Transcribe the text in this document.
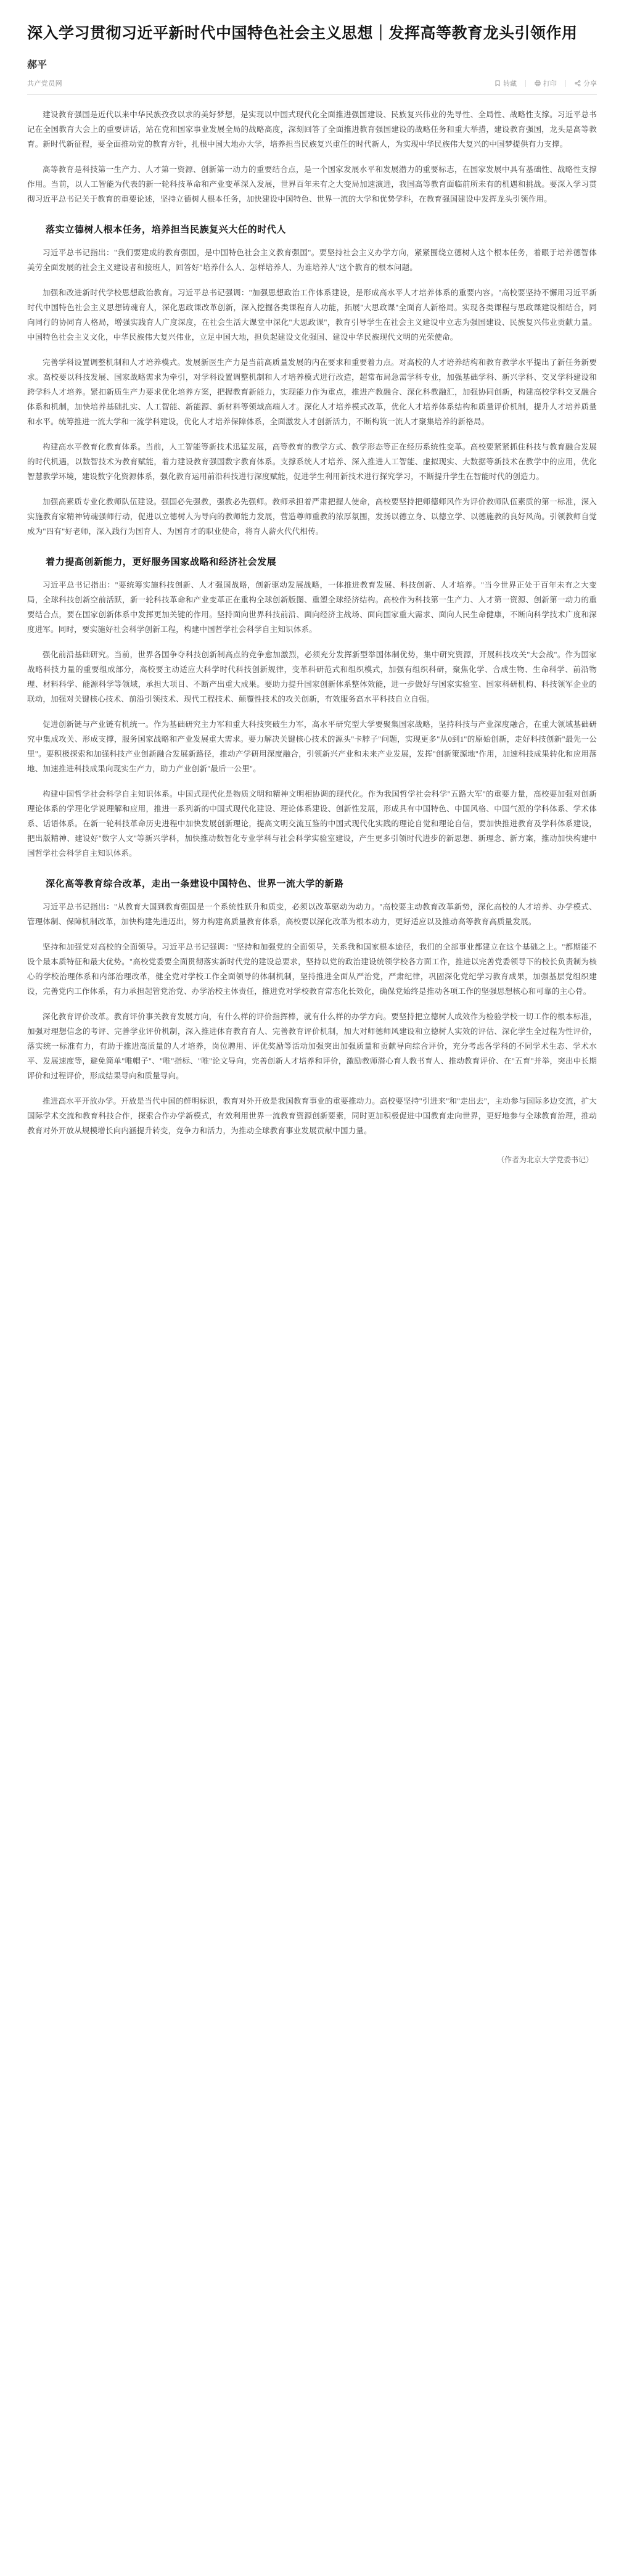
深入学习贯彻习近平新时代中国特色社会主义思想｜发挥高等教育龙头引领作用
郝平
共产党员网	转藏	打印	分享

建设教育强国是近代以来中华民族孜孜以求的美好梦想，是实现以中国式现代化全面推进强国建设、民族复兴伟业的先导性、全局性、战略性支撑。习近平总书记在全国教育大会上的重要讲话，站在党和国家事业发展全局的战略高度，深刻回答了全面推进教育强国建设的战略任务和重大举措，建设教育强国，龙头是高等教育。新时代新征程，要全面推动党的教育方针，扎根中国大地办大学，培养担当民族复兴重任的时代新人，为实现中华民族伟大复兴的中国梦提供有力支撑。

高等教育是科技第一生产力、人才第一资源、创新第一动力的重要结合点，是一个国家发展水平和发展潜力的重要标志，在国家发展中具有基础性、战略性支撑作用。当前，以人工智能为代表的新一轮科技革命和产业变革深入发展，世界百年未有之大变局加速演进，我国高等教育面临前所未有的机遇和挑战。要深入学习贯彻习近平总书记关于教育的重要论述，坚持立德树人根本任务，加快建设中国特色、世界一流的大学和优势学科，在教育强国建设中发挥龙头引领作用。

落实立德树人根本任务，培养担当民族复兴大任的时代人

习近平总书记指出："我们要建成的教育强国，是中国特色社会主义教育强国"。要坚持社会主义办学方向，紧紧围绕立德树人这个根本任务，着眼于培养德智体美劳全面发展的社会主义建设者和接班人，回答好"培养什么人、怎样培养人、为谁培养人"这个教育的根本问题。

加强和改进新时代学校思想政治教育。习近平总书记强调："加强思想政治工作体系建设，是形成高水平人才培养体系的重要内容。"高校要坚持不懈用习近平新时代中国特色社会主义思想铸魂育人，深化思政课改革创新，深入挖掘各类课程育人功能，拓展"大思政课"全面育人新格局。实现各类课程与思政课建设相结合，同向同行的协同育人格局，增强实践育人广度深度，在社会生活大课堂中深化"大思政课"，教育引导学生在社会主义建设中立志为强国建设、民族复兴伟业贡献力量。中国特色社会主义文化，中华民族伟大复兴伟业，立足中国大地，担负起建设文化强国、建设中华民族现代文明的光荣使命。

完善学科设置调整机制和人才培养模式。发展新医生产力是当前高质量发展的内在要求和重要着力点。对高校的人才培养结构和教育教学水平提出了新任务新要求。高校要以科技发展、国家战略需求为牵引，对学科设置调整机制和人才培养模式进行改造，超常布局急需学科专业，加强基础学科、新兴学科、交叉学科建设和跨学科人才培养。紧扣新质生产力要求优化培养方案，把握教育新能力，实现能力作为重点，推进产教融合、深化科教融汇，加强协同创新，构建高校学科交叉融合体系和机制，加快培养基础扎实、人工智能、新能源、新材料等领域高端人才。深化人才培养模式改革，优化人才培养体系结构和质量评价机制，提升人才培养质量和水平。统筹推进一流大学和一流学科建设，优化人才培养保障体系，全面激发人才创新活力，不断构筑一流人才聚集培养的新格局。

构建高水平教育化教育体系。当前，人工智能等新技术迅猛发展，高等教育的教学方式、教学形态等正在经历系统性变革。高校要紧紧抓住科技与教育融合发展的时代机遇，以数智技术为教育赋能，着力建设教育强国数字教育体系。支撑系统人才培养、深入推进人工智能、虚拟现实、大数据等新技术在教学中的应用，优化智慧教学环境，建设数字化资源体系，强化教育运用前沿科技进行深度赋能，促进学生利用新技术进行探究学习，不断提升学生在智能时代的创造力。

加强高素质专业化教师队伍建设。强国必先强教，强教必先强师。教师承担着严肃把握人使命，高校要坚持把师德师风作为评价教师队伍素质的第一标准，深入实施教育家精神铸魂强师行动，促进以立德树人为导向的教师能力发展，营造尊师重教的浓厚氛围，发扬以德立身、以德立学、以德施教的良好风尚。引领教师自觉成为"四有"好老师，深入践行为国育人、为国育才的职业使命，将育人薪火代代相传。

着力提高创新能力，更好服务国家战略和经济社会发展

习近平总书记指出："要统筹实施科技创新、人才强国战略，创新驱动发展战略，一体推进教育发展、科技创新、人才培养。"当今世界正处于百年未有之大变局，全球科技创新空前活跃，新一轮科技革命和产业变革正在重构全球创新版图、重塑全球经济结构。高校作为科技第一生产力、人才第一资源、创新第一动力的重要结合点，要在国家创新体系中发挥更加关键的作用。坚持面向世界科技前沿、面向经济主战场、面向国家重大需求、面向人民生命健康，不断向科学技术广度和深度进军。同时，要实施好社会科学创新工程，构建中国哲学社会科学自主知识体系。

强化前沿基础研究。当前，世界各国争夺科技创新制高点的竞争愈加激烈，必须充分发挥新型举国体制优势，集中研究资源，开展科技攻关"大会战"。作为国家战略科技力量的重要组成部分，高校要主动适应大科学时代科技创新规律，变革科研范式和组织模式，加强有组织科研，聚焦化学、合成生物、生命科学、前沿物理、材料科学、能源科学等领域，承担大项目、不断产出重大成果。要助力提升国家创新体系整体效能，进一步做好与国家实验室、国家科研机构、科技领军企业的联动，加强对关键核心技术、前沿引领技术、现代工程技术、颠覆性技术的攻关创新，有效服务高水平科技自立自强。

促进创新链与产业链有机统一。作为基础研究主力军和重大科技突破生力军，高水平研究型大学要聚集国家战略，坚持科技与产业深度融合，在重大领域基础研究中集成攻关、形成支撑，服务国家战略和产业发展重大需求。要力解决关键核心技术的源头"卡脖子"问题，实现更多"从0到1"的原始创新，走好科技创新"最先一公里"。要积极探索和加强科技产业创新融合发展新路径，推动产学研用深度融合，引领新兴产业和未来产业发展，发挥"创新策源地"作用，加速科技成果转化和应用落地、加速推进科技成果向现实生产力，助力产业创新"最后一公里"。

构建中国哲学社会科学自主知识体系。中国式现代化是物质文明和精神文明相协调的现代化。作为我国哲学社会科学"五路大军"的重要力量，高校要加强对创新理论体系的学理化学说理解和应用，推进一系列新的中国式现代化建设、理论体系建设、创新性发展，形成具有中国特色、中国风格、中国气派的学科体系、学术体系、话语体系。在新一轮科技革命历史进程中加快发展创新理论，提高文明交流互鉴的中国式现代化实践的理论自觉和理论自信，要加快推进教育及学科体系建设，把出版精神、建设好"数字人文"等新兴学科，加快推动数智化专业学科与社会科学实验室建设，产生更多引领时代进步的新思想、新理念、新方案，推动加快构建中国哲学社会科学自主知识体系。

深化高等教育综合改革，走出一条建设中国特色、世界一流大学的新路

习近平总书记指出："从教育大国到教育强国是一个系统性跃升和质变，必须以改革驱动为动力。"高校要主动教育改革新势，深化高校的人才培养、办学模式、管理体制、保障机制改革，加快构建先进迈出，努力构建高质量教育体系，高校要以深化改革为根本动力，更好适应以及推动高等教育高质量发展。

坚持和加强党对高校的全面领导。习近平总书记强调："坚持和加强党的全面领导，关系我和国家根本途径，我们的全部事业都建立在这个基础之上。"都期能不设个最本质特征和最大优势。"高校党委要全面贯彻落实新时代党的建设总要求，坚持以党的政治建设统领学校各方面工作，推进以完善党委领导下的校长负责制为核心的学校治理体系和内部治理改革，健全党对学校工作全面领导的体制机制，坚持推进全面从严治党，严肃纪律，巩固深化党纪学习教育成果，加强基层党组织建设，完善党内工作体系，有力承担起管党治党、办学治校主体责任，推进党对学校教育常态化长效化，确保党始终是推动各项工作的坚强思想核心和可靠的主心骨。

深化教育评价改革。教育评价事关教育发展方向，有什么样的评价指挥棒，就有什么样的办学方向。要坚持把立德树人成效作为检验学校一切工作的根本标准，加强对理想信念的考评、完善学业评价机制，深入推进体育教育育人、完善教育评价机制，加大对师德师风建设和立德树人实效的评估、深化学生全过程为性评价，落实统一标准有力，有助于推进高质量的人才培养，岗位聘用、评优奖励等活动加强突出加强质量和贡献导向综合评价，充分考虑各学科的不同学术生态、学术水平、发展速度等，避免简单"唯帽子"、"唯"指标、"唯"论文导向，完善创新人才培养和评价，激励教师潜心育人教书育人、推动教育评价、在"五育"并举，突出中长期评价和过程评价，形成结果导向和质量导向。

推进高水平开放办学。开放是当代中国的鲜明标识，教育对外开放是我国教育事业的重要推动力。高校要坚持"引进来"和"走出去"，主动参与国际多边交流，扩大国际学术交流和教育科技合作，探索合作办学新模式，有效利用世界一流教育资源创新要素，同时更加积极促进中国教育走向世界，更好地参与全球教育治理，推动教育对外开放从规模增长向内涵提升转变，竞争力和活力，为推动全球教育事业发展贡献中国力量。

（作者为北京大学党委书记）
